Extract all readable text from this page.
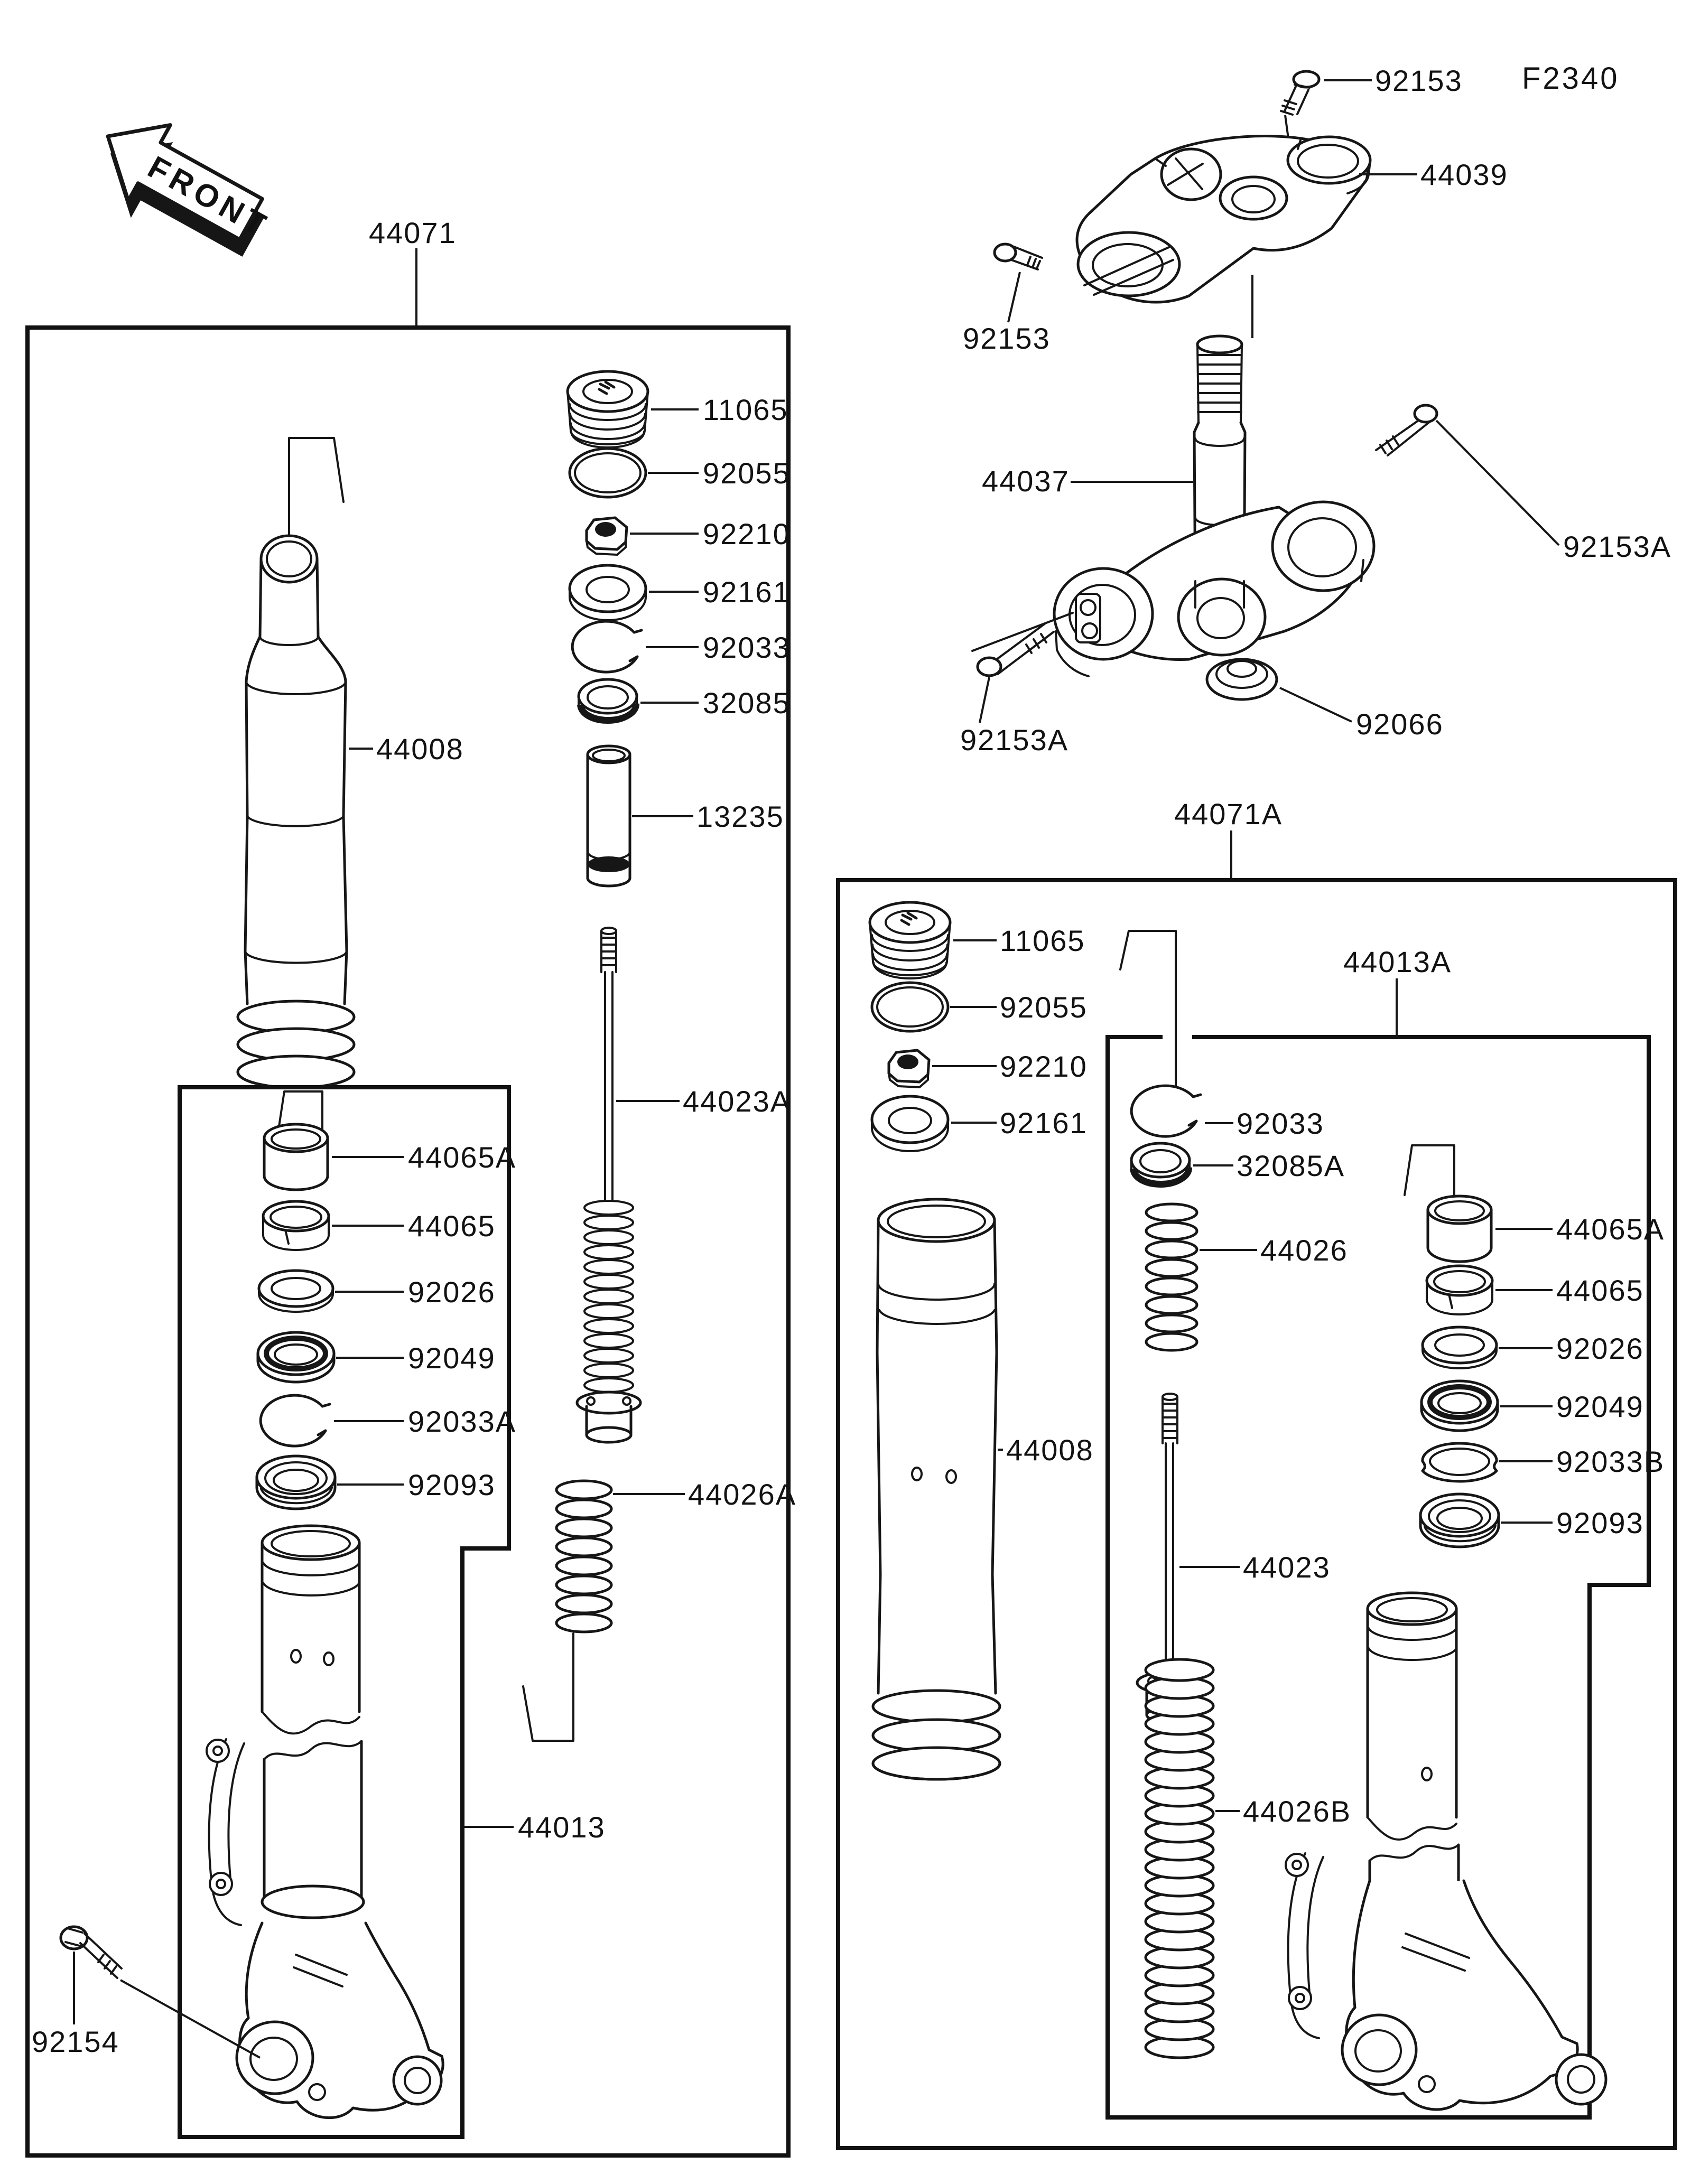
F2340
FRONT
92153
44039
92153
44037
92153A
92153A	92066
44071
44008
11065
92055
92210
92161
92033
32085
13235
44023A
44026A
44065A
44065
92026
92049
92033A
92093
44013
92154
44071A
11065
92055
92210
92161
44008
44013A
92033
32085A
44026
44023
44026B
44065A
44065
92026
92049
92033B
92093
